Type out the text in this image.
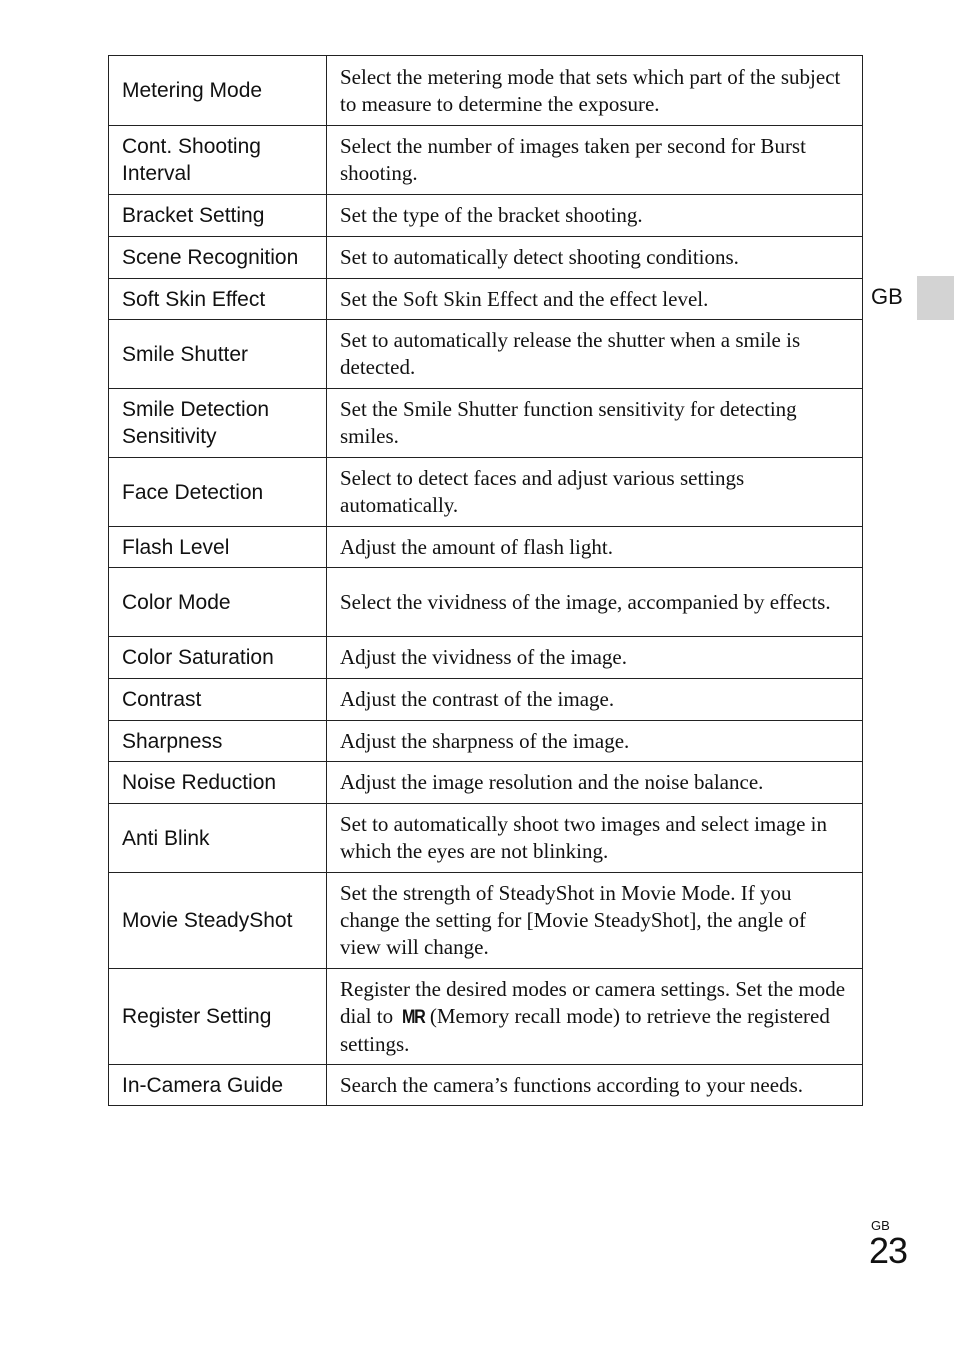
Metering Mode	Select the metering mode that sets which part of the subject to measure to determine the exposure.
Cont. Shooting Interval	Select the number of images taken per second for Burst shooting.
Bracket Setting	Set the type of the bracket shooting.
Scene Recognition	Set to automatically detect shooting conditions.
Soft Skin Effect	Set the Soft Skin Effect and the effect level.
Smile Shutter	Set to automatically release the shutter when a smile is detected.
Smile Detection Sensitivity	Set the Smile Shutter function sensitivity for detecting smiles.
Face Detection	Select to detect faces and adjust various settings automatically.
Flash Level	Adjust the amount of flash light.
Color Mode	Select the vividness of the image, accompanied by effects.
Color Saturation	Adjust the vividness of the image.
Contrast	Adjust the contrast of the image.
Sharpness	Adjust the sharpness of the image.
Noise Reduction	Adjust the image resolution and the noise balance.
Anti Blink	Set to automatically shoot two images and select image in which the eyes are not blinking.
Movie SteadyShot	Set the strength of SteadyShot in Movie Mode. If you change the setting for [Movie SteadyShot], the angle of view will change.
Register Setting	Register the desired modes or camera settings. Set the mode dial to MR (Memory recall mode) to retrieve the registered settings.
In-Camera Guide	Search the camera’s functions according to your needs.
GB
GB
23
